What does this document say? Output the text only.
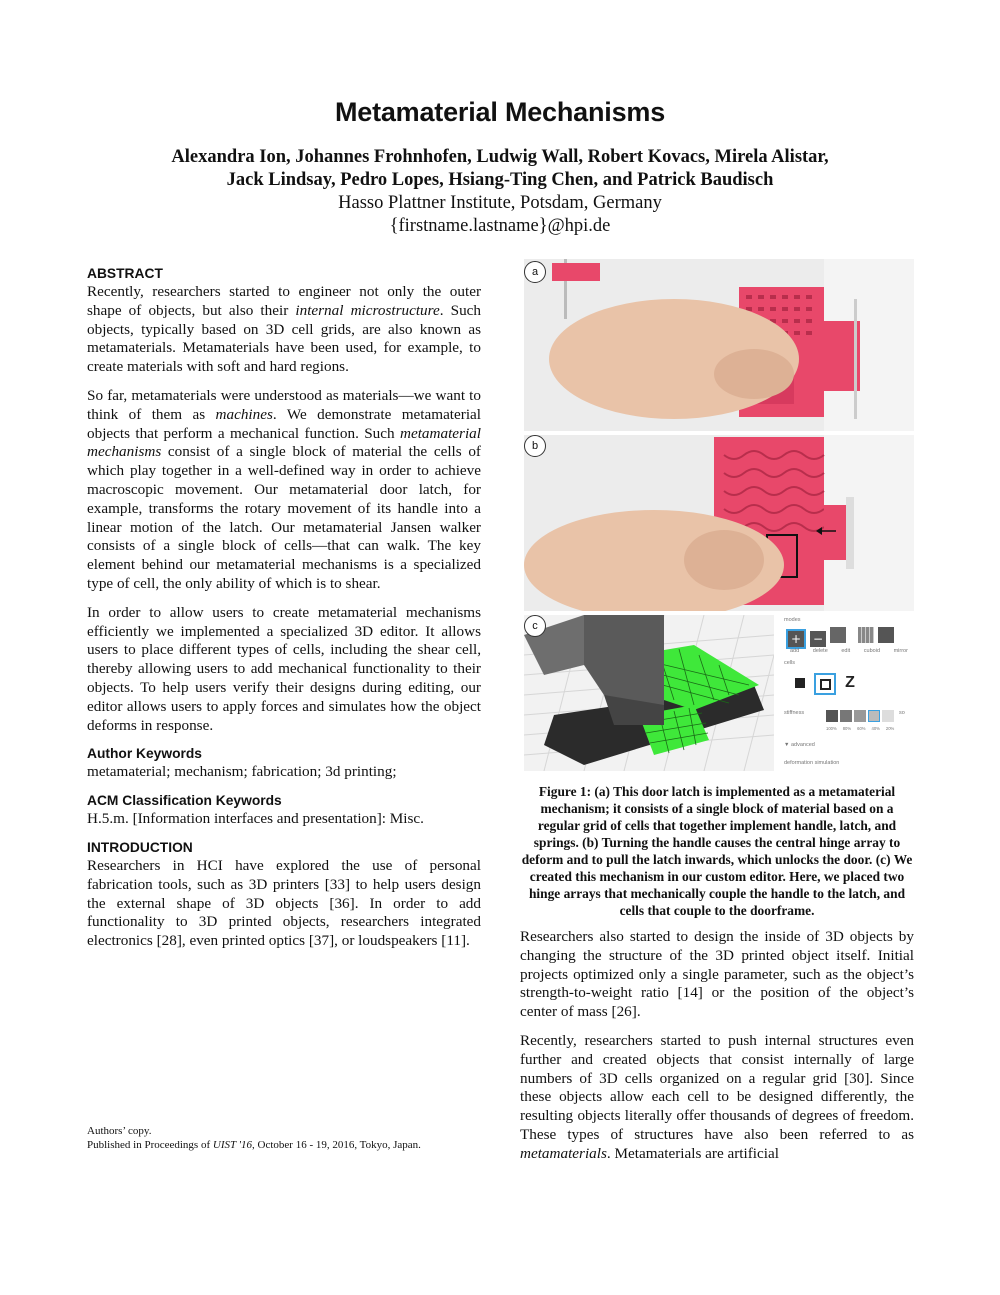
Metamaterial Mechanisms
Alexandra Ion, Johannes Frohnhofen, Ludwig Wall, Robert Kovacs, Mirela Alistar,
Jack Lindsay, Pedro Lopes, Hsiang-Ting Chen, and Patrick Baudisch
Hasso Plattner Institute, Potsdam, Germany
{firstname.lastname}@hpi.de
ABSTRACT

Recently, researchers started to engineer not only the outer shape of objects, but also their internal microstructure. Such objects, typically based on 3D cell grids, are also known as metamaterials. Metamaterials have been used, for example, to create materials with soft and hard regions.

So far, metamaterials were understood as materials—we want to think of them as machines. We demonstrate metamaterial objects that perform a mechanical function. Such metamaterial mechanisms consist of a single block of material the cells of which play together in a well-defined way in order to achieve macroscopic movement. Our metamaterial door latch, for example, transforms the rotary movement of its handle into a linear motion of the latch. Our metamaterial Jansen walker consists of a single block of cells—that can walk. The key element behind our metamaterial mechanisms is a specialized type of cell, the only ability of which is to shear.

In order to allow users to create metamaterial mechanisms efficiently we implemented a specialized 3D editor. It allows users to place different types of cells, including the shear cell, thereby allowing users to add mechanical functionality to their objects. To help users verify their designs during editing, our editor allows users to apply forces and simulates how the object deforms in response.

Author Keywords

metamaterial; mechanism; fabrication; 3d printing;

ACM Classification Keywords

H.5.m. [Information interfaces and presentation]: Misc.

INTRODUCTION

Researchers in HCI have explored the use of personal fabrication tools, such as 3D printers [33] to help users design the external shape of 3D objects [36]. In order to add functionality to 3D printed objects, researchers integrated electronics [28], even printed optics [37], or loudspeakers [11].

Authors’ copy.
Published in Proceedings of UIST '16, October 16 - 19, 2016, Tokyo, Japan.
a
b
modes
+ −
add delete edit cuboid mirror
cells
Z
stiffness	so
100% 80% 60% 40% 20%
▼ advanced
deformation simulation
c
Figure 1: (a) This door latch is implemented as a metamaterial mechanism; it consists of a single block of material based on a regular grid of cells that together implement handle, latch, and springs. (b) Turning the handle causes the central hinge array to deform and to pull the latch inwards, which unlocks the door. (c) We created this mechanism in our custom editor. Here, we placed two hinge arrays that mechanically couple the handle to the latch, and cells that couple to the doorframe.

Researchers also started to design the inside of 3D objects by changing the structure of the 3D printed object itself. Initial projects optimized only a single parameter, such as the object’s strength-to-weight ratio [14] or the position of the object’s center of mass [26].

Recently, researchers started to push internal structures even further and created objects that consist internally of large numbers of 3D cells organized on a regular grid [30]. Since these objects allow each cell to be designed differently, the resulting objects literally offer thousands of degrees of freedom. These types of structures have also been referred to as metamaterials. Metamaterials are artificial
